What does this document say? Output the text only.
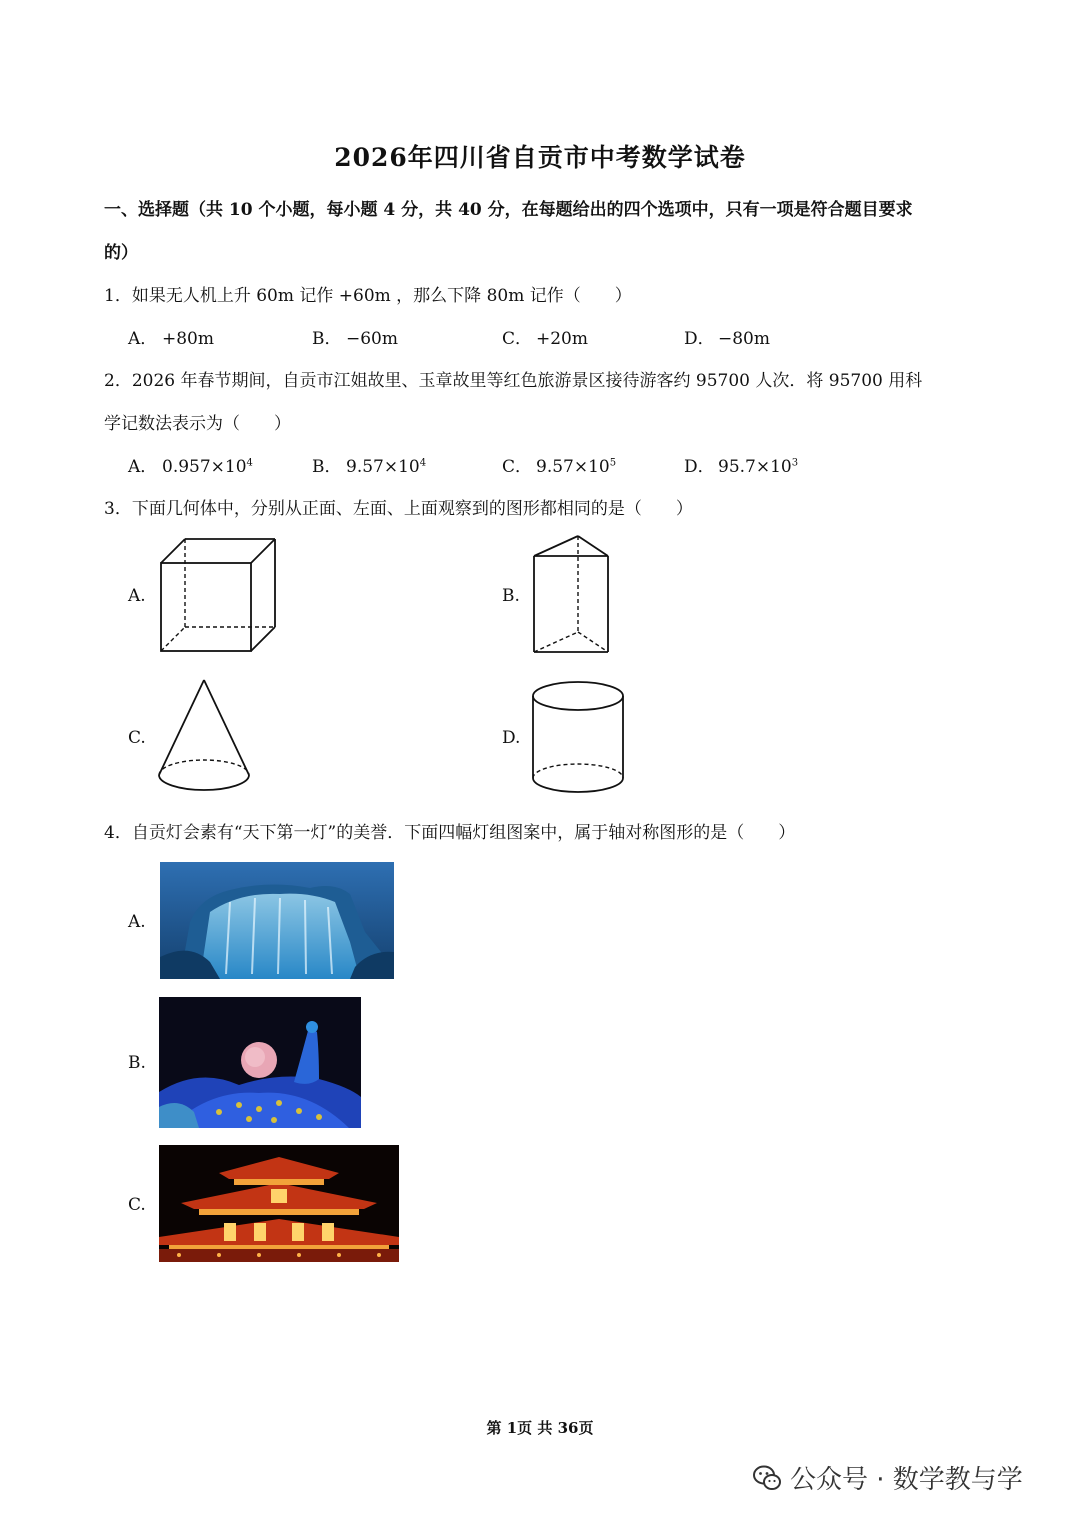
2026年四川省自贡市中考数学试卷
一、选择题（共 10 个小题，每小题 4 分，共 40 分，在每题给出的四个选项中，只有一项是符合题目要求
的）
1．如果无人机上升 60m 记作 +60m ，那么下降 80m 记作（　　）
A． +80m	B． −60m	C． +20m	D． −80m
2．2026 年春节期间，自贡市江姐故里、玉章故里等红色旅游景区接待游客约 95700 人次．将 95700 用科
学记数法表示为（　　）
A． $0.957\times 10^4$	B． $9.57\times 10^4$	C． $9.57\times 10^5$	D． $95.7\times 10^3$
3．下面几何体中，分别从正面、左面、上面观察到的图形都相同的是（　　）
A.	B.
C.	D.
4．自贡灯会素有“天下第一灯”的美誉．下面四幅灯组图案中，属于轴对称图形的是（　　）
A.
B.
C.
第 1页 共 36页
公众号 · 数学教与学
